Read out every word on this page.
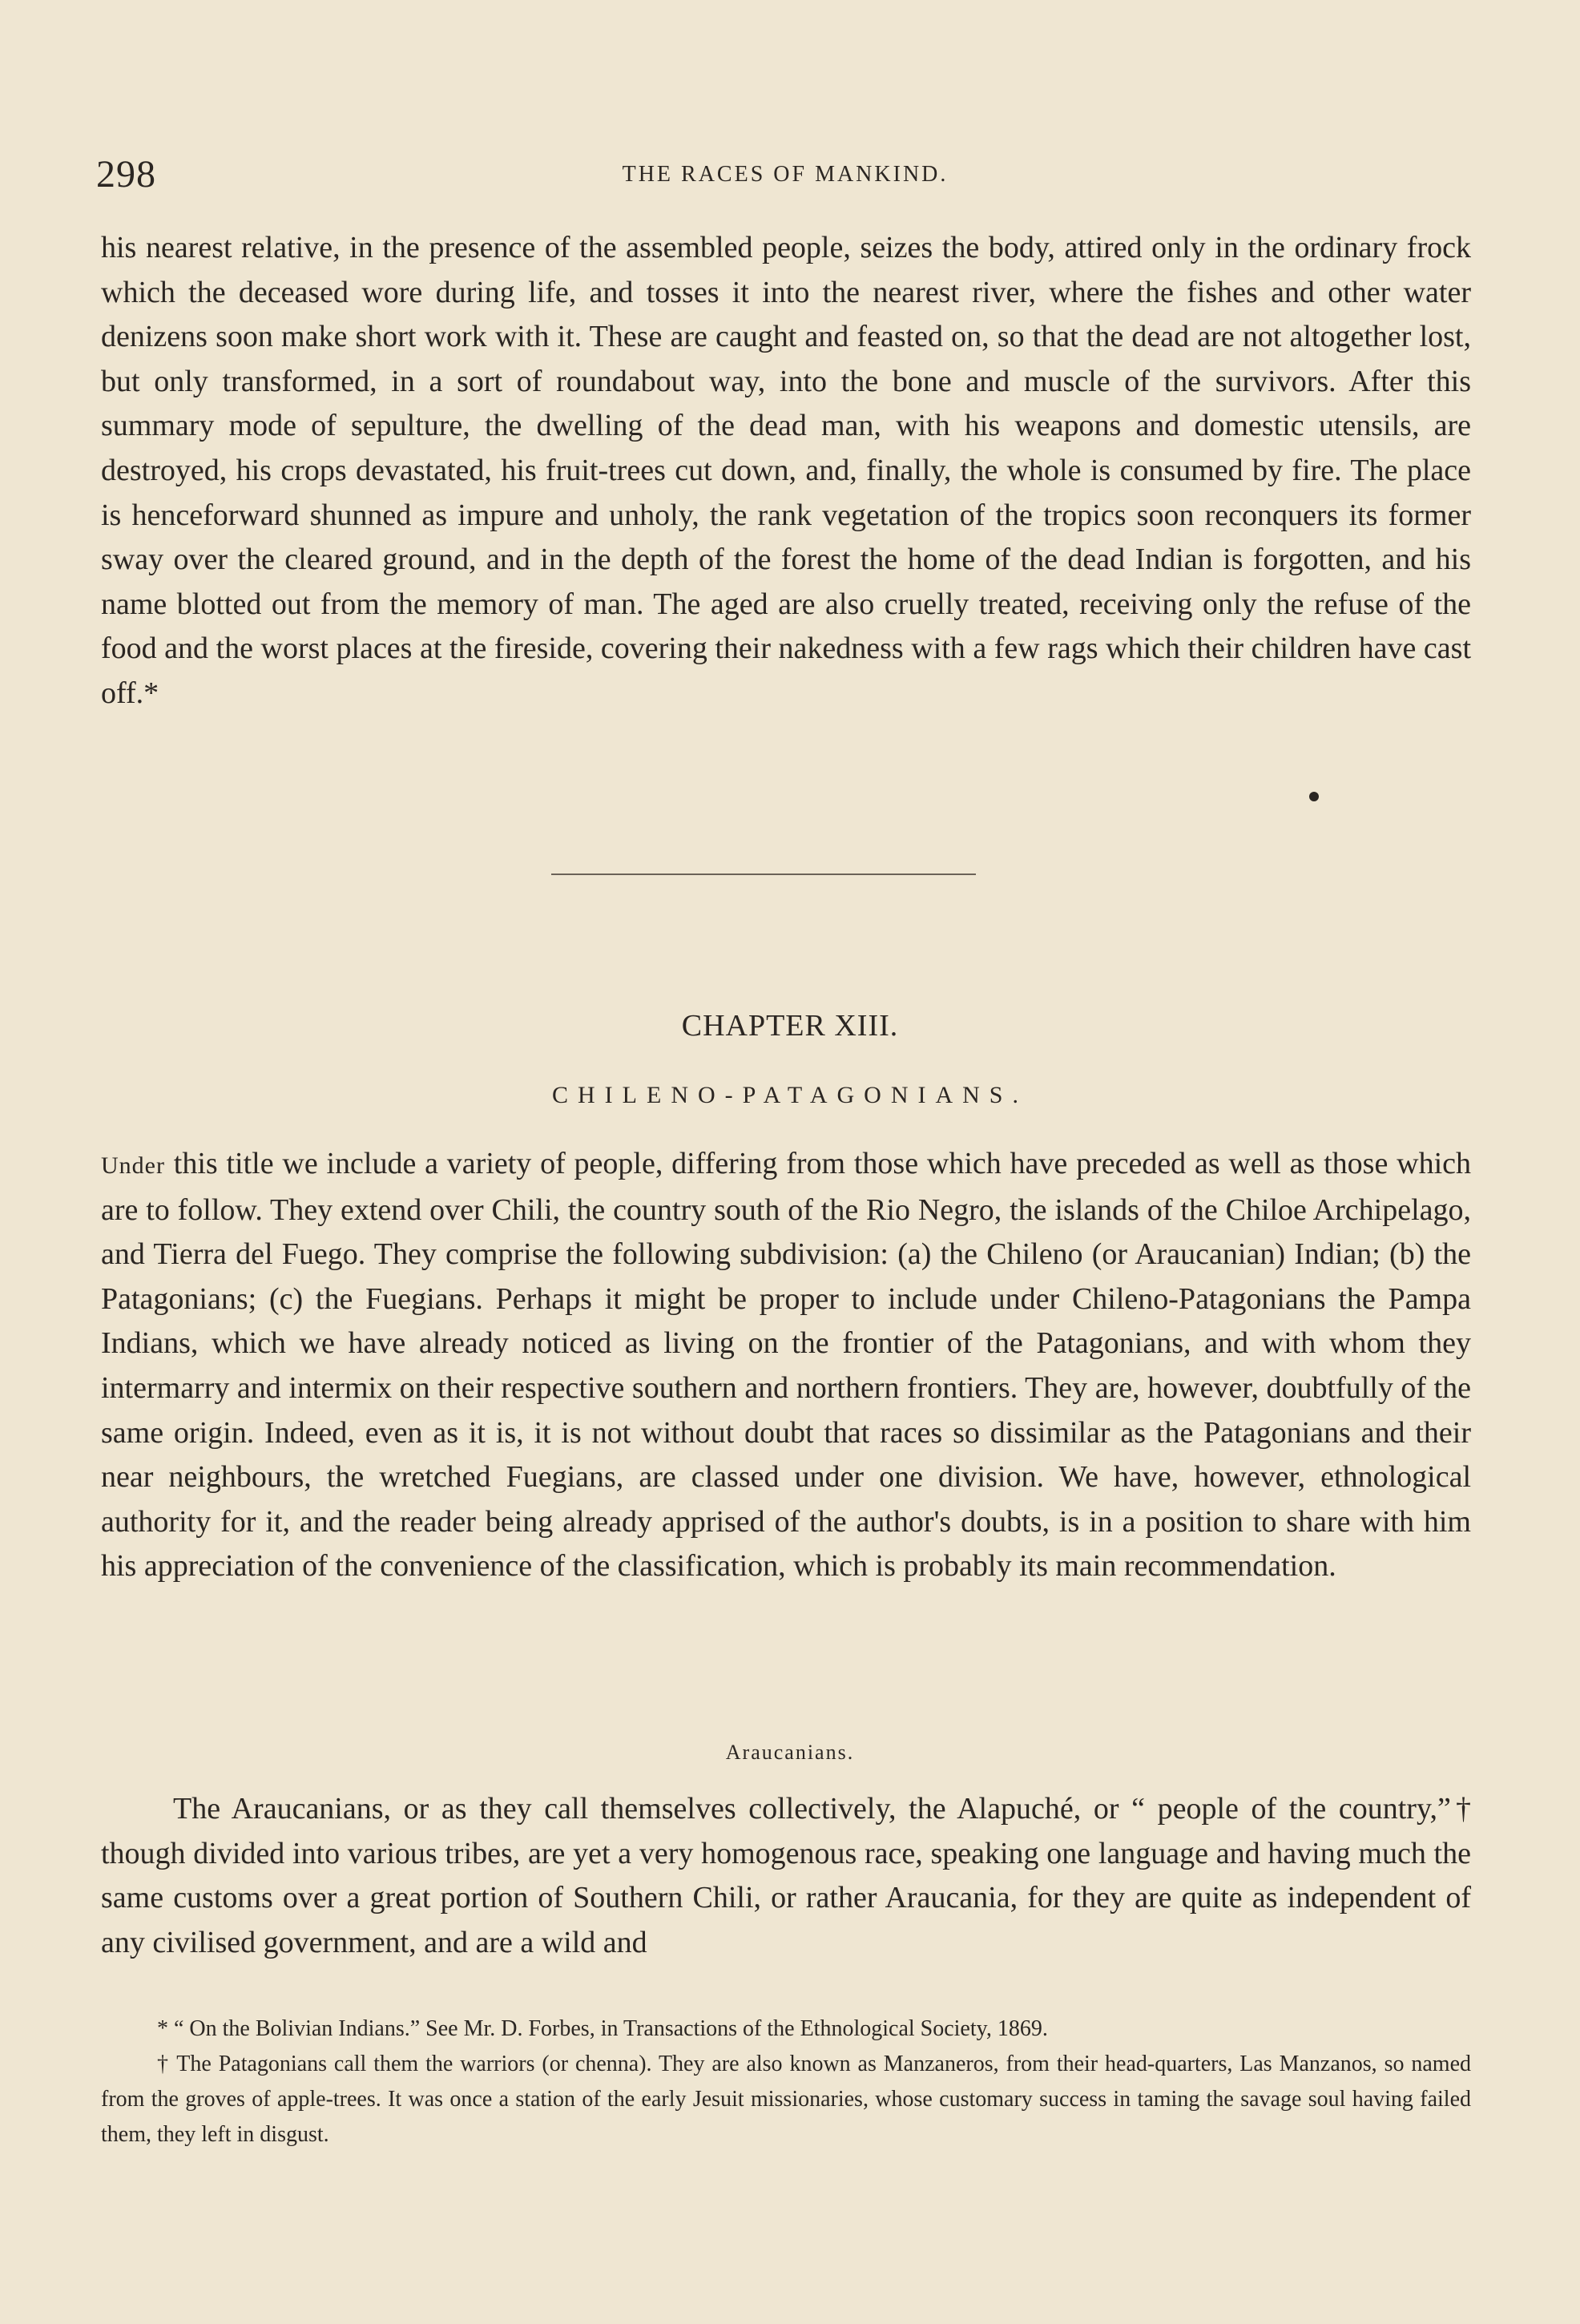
298	THE RACES OF MANKIND.

his nearest relative, in the presence of the assembled people, seizes the body, attired only in the ordinary frock which the deceased wore during life, and tosses it into the nearest river, where the fishes and other water denizens soon make short work with it. These are caught and feasted on, so that the dead are not altogether lost, but only transformed, in a sort of roundabout way, into the bone and muscle of the survivors. After this summary mode of sepulture, the dwelling of the dead man, with his weapons and domestic utensils, are destroyed, his crops devastated, his fruit-trees cut down, and, finally, the whole is consumed by fire. The place is henceforward shunned as impure and unholy, the rank vegetation of the tropics soon reconquers its former sway over the cleared ground, and in the depth of the forest the home of the dead Indian is forgotten, and his name blotted out from the memory of man. The aged are also cruelly treated, receiving only the refuse of the food and the worst places at the fireside, covering their nakedness with a few rags which their children have cast off.*

CHAPTER XIII.
CHILENO-PATAGONIANS.

Under this title we include a variety of people, differing from those which have preceded as well as those which are to follow. They extend over Chili, the country south of the Rio Negro, the islands of the Chiloe Archipelago, and Tierra del Fuego. They comprise the following subdivision: (a) the Chileno (or Araucanian) Indian; (b) the Patagonians; (c) the Fuegians. Perhaps it might be proper to include under Chileno-Patagonians the Pampa Indians, which we have already noticed as living on the frontier of the Patagonians, and with whom they intermarry and intermix on their respective southern and northern frontiers. They are, however, doubtfully of the same origin. Indeed, even as it is, it is not without doubt that races so dissimilar as the Patagonians and their near neighbours, the wretched Fuegians, are classed under one division. We have, however, ethnological authority for it, and the reader being already apprised of the author's doubts, is in a position to share with him his appreciation of the convenience of the classification, which is probably its main recommendation.

Araucanians.

The Araucanians, or as they call themselves collectively, the Alapuché, or “ people of the country,”† though divided into various tribes, are yet a very homogenous race, speaking one language and having much the same customs over a great portion of Southern Chili, or rather Araucania, for they are quite as independent of any civilised government, and are a wild and

* “ On the Bolivian Indians.” See Mr. D. Forbes, in Transactions of the Ethnological Society, 1869.

† The Patagonians call them the warriors (or chenna). They are also known as Manzaneros, from their head-quarters, Las Manzanos, so named from the groves of apple-trees. It was once a station of the early Jesuit missionaries, whose customary success in taming the savage soul having failed them, they left in disgust.
